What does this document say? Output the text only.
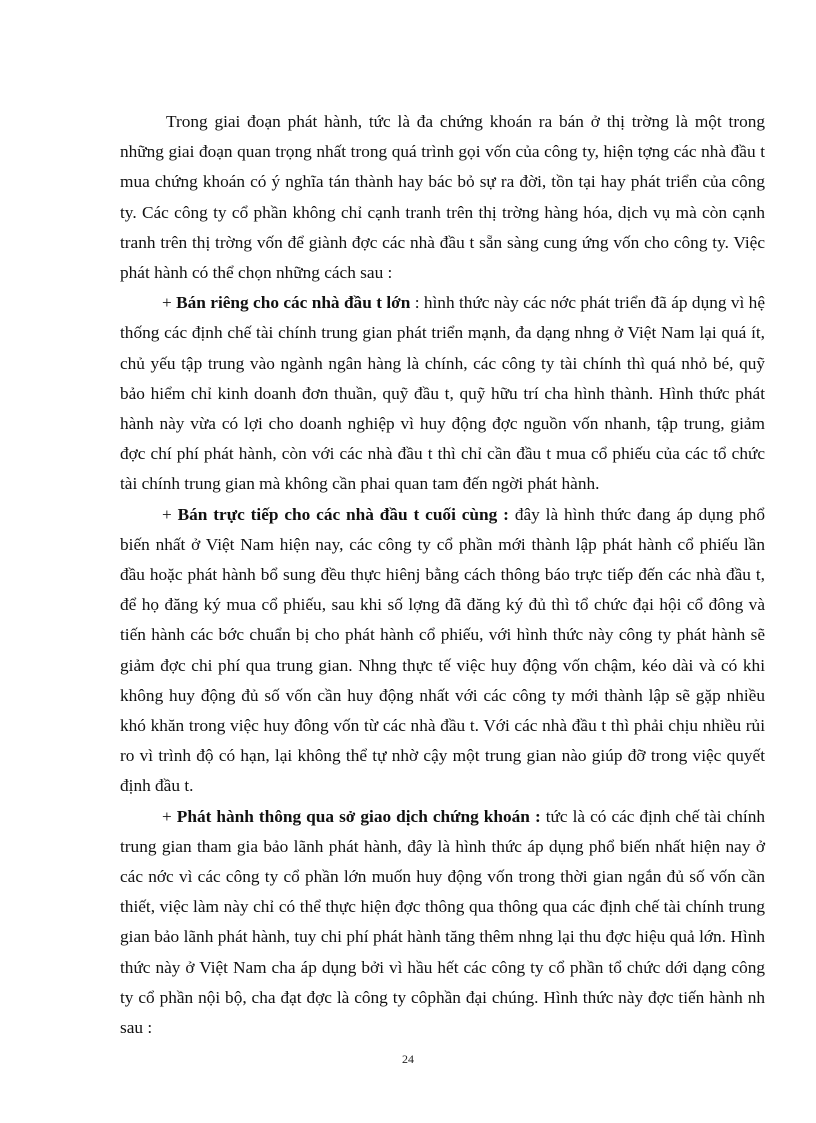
Trong giai đoạn phát hành, tức là đa chứng khoán ra bán ở thị trờng là một trong những giai đoạn quan trọng nhất trong quá trình gọi vốn của công ty, hiện tợng các nhà đầu t mua chứng khoán có ý nghĩa tán thành hay bác bỏ sự ra đời, tồn tại hay phát triển của công ty. Các công ty cổ phần không chỉ cạnh tranh trên thị trờng hàng hóa, dịch vụ mà còn cạnh tranh trên thị trờng vốn để giành đợc các nhà đầu t sẵn sàng cung ứng vốn cho công ty. Việc phát hành có thể chọn những cách sau :

+ Bán riêng cho các nhà đầu t lớn : hình thức này các nớc phát triển đã áp dụng vì hệ thống các định chế tài chính trung gian phát triển mạnh, đa dạng nhng ở Việt Nam lại quá ít, chủ yếu tập trung vào ngành ngân hàng là chính, các công ty tài chính thì quá nhỏ bé, quỹ bảo hiểm chỉ kinh doanh đơn thuần, quỹ đầu t, quỹ hữu trí cha hình thành. Hình thức phát hành này vừa có lợi cho doanh nghiệp vì huy động đợc nguồn vốn nhanh, tập trung, giảm đợc chí phí phát hành, còn với các nhà đầu t thì chỉ cần đầu t mua cổ phiếu của các tổ chức tài chính trung gian mà không cần phai quan tam đến ngời phát hành.

+ Bán trực tiếp cho các nhà đầu t cuối cùng : đây là hình thức đang áp dụng phổ biến nhất ở Việt Nam hiện nay, các công ty cổ phần mới thành lập phát hành cổ phiếu lần đầu hoặc phát hành bổ sung đều thực hiênj bằng cách thông báo trực tiếp đến các nhà đầu t, để họ đăng ký mua cổ phiếu, sau khi số lợng đã đăng ký đủ thì tổ chức đại hội cổ đông và tiến hành các bớc chuẩn bị cho phát hành cổ phiếu, với hình thức này công ty phát hành sẽ giảm đợc chi phí qua trung gian. Nhng thực tế việc huy động vốn chậm, kéo dài và có khi không huy động đủ số vốn cần huy động nhất với các công ty mới thành lập sẽ gặp nhiều khó khăn trong việc huy đông vốn từ các nhà đầu t. Với các nhà đầu t thì phải chịu nhiều rủi ro vì trình độ có hạn, lại không thể tự nhờ cậy một trung gian nào giúp đỡ trong việc quyết định đầu t.

+ Phát hành thông qua sở giao dịch chứng khoán : tức là có các định chế tài chính trung gian tham gia bảo lãnh phát hành, đây là hình thức áp dụng phổ biến nhất hiện nay ở các nớc vì các công ty cổ phần lớn muốn huy động vốn trong thời gian ngắn đủ số vốn cần thiết, việc làm này chỉ có thể thực hiện đợc thông qua thông qua các định chế tài chính trung gian bảo lãnh phát hành, tuy chi phí phát hành tăng thêm nhng lại thu đợc hiệu quả lớn. Hình thức này ở Việt Nam cha áp dụng bởi vì hầu hết các công ty cổ phần tổ chức dới dạng công ty cổ phần nội bộ, cha đạt đợc là công ty côphần đại chúng. Hình thức này đợc tiến hành nh sau :

24
